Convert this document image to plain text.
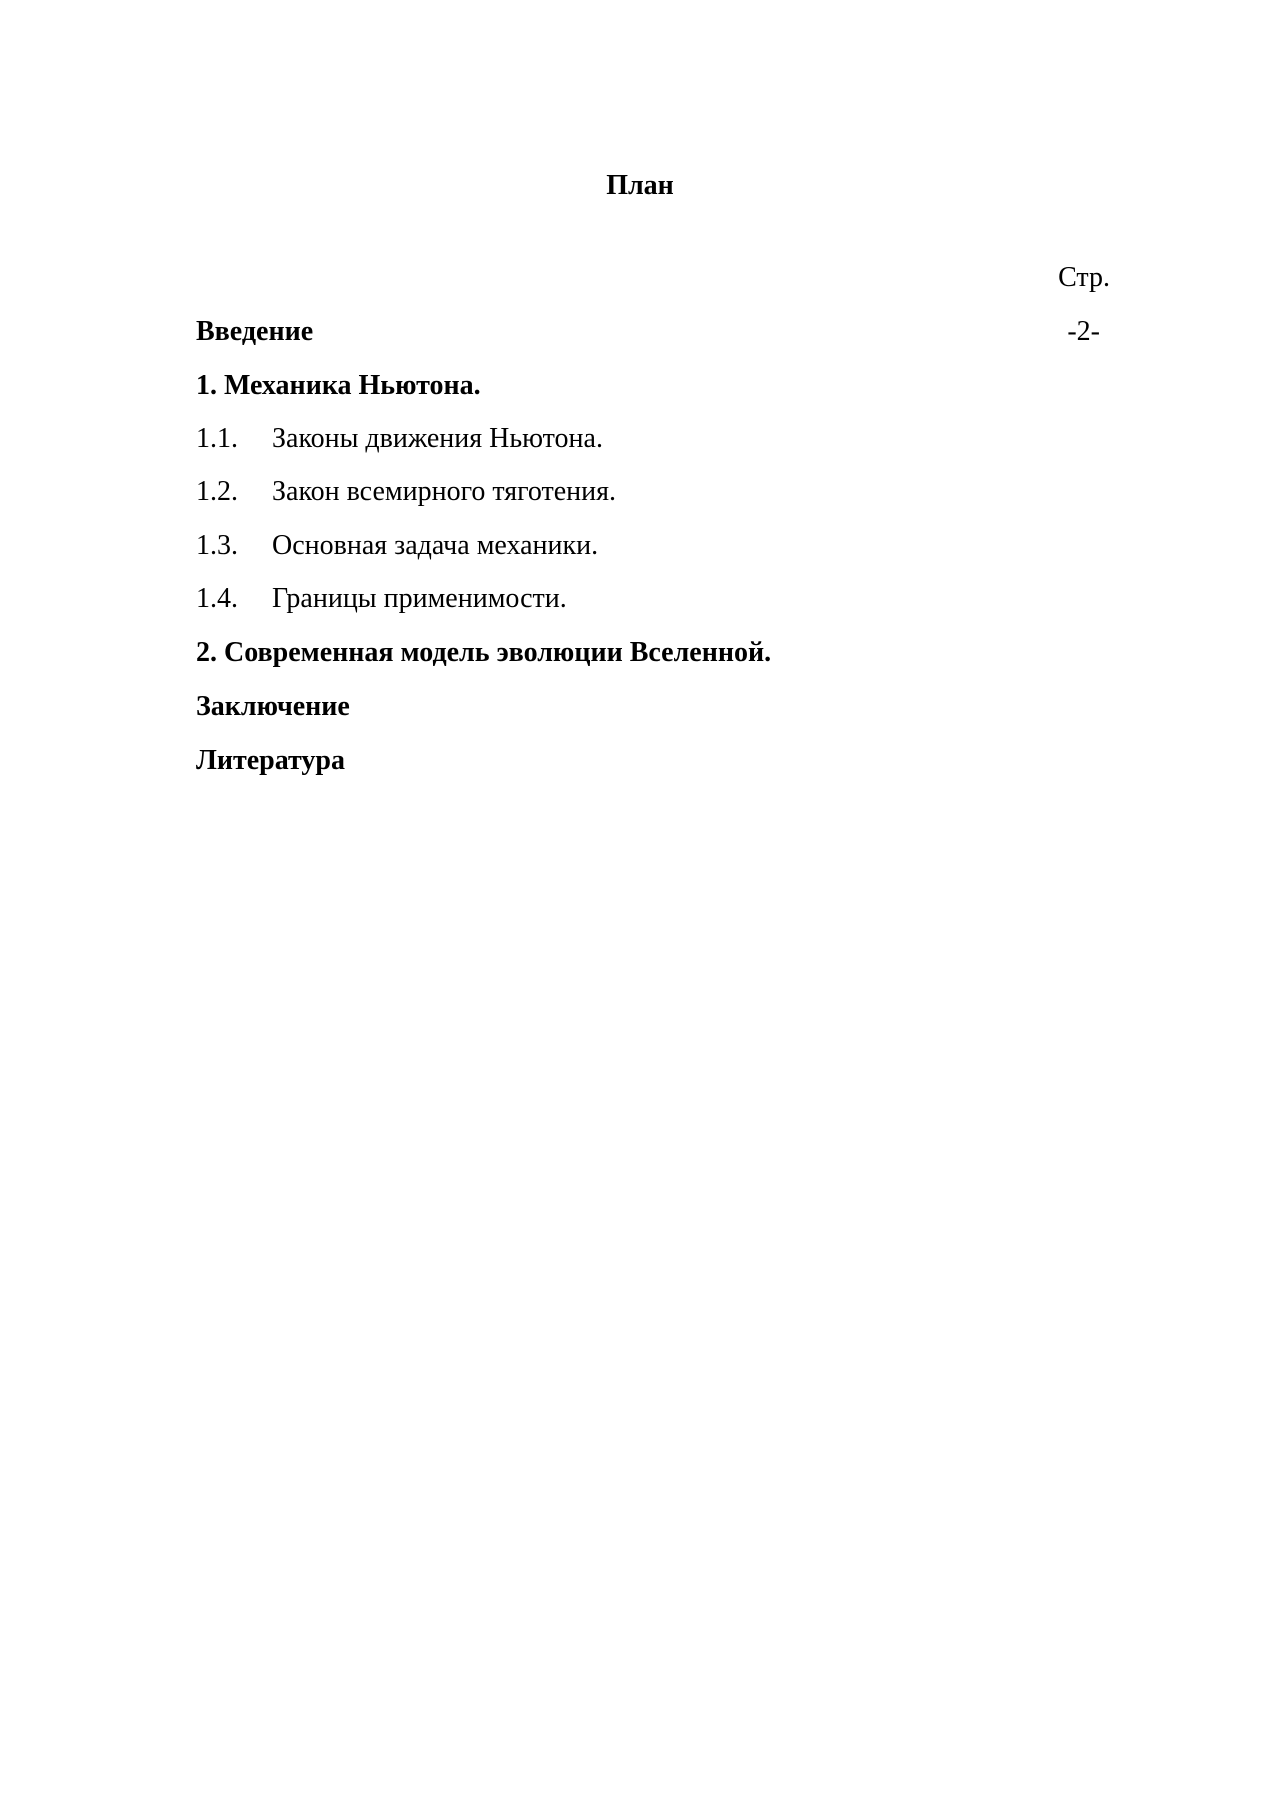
План
Стр.
Введение	-2-
1. Механика Ньютона.
1.1. Законы движения Ньютона.
1.2. Закон всемирного тяготения.
1.3. Основная задача механики.
1.4. Границы применимости.
2. Современная модель эволюции Вселенной.
Заключение
Литература
